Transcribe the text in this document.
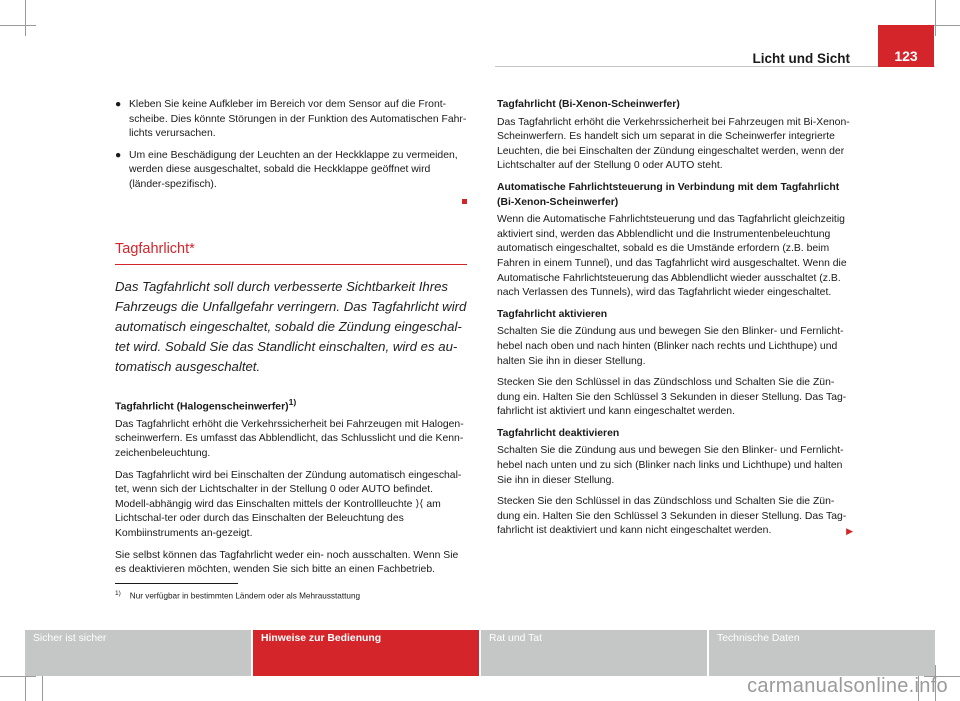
Licht und Sicht	123
● Kleben Sie keine Aufkleber im Bereich vor dem Sensor auf die Front-scheibe. Dies könnte Störungen in der Funktion des Automatischen Fahr-lichts verursachen.
● Um eine Beschädigung der Leuchten an der Heckklappe zu vermeiden, werden diese ausgeschaltet, sobald die Heckklappe geöffnet wird (länder-spezifisch).
Tagfahrlicht*

Das Tagfahrlicht soll durch verbesserte Sichtbarkeit Ihres Fahrzeugs die Unfallgefahr verringern. Das Tagfahrlicht wird automatisch eingeschaltet, sobald die Zündung eingeschal-tet wird. Sobald Sie das Standlicht einschalten, wird es au-tomatisch ausgeschaltet.

Tagfahrlicht (Halogenscheinwerfer)$^{1)}$

Das Tagfahrlicht erhöht die Verkehrssicherheit bei Fahrzeugen mit Halogen-scheinwerfern. Es umfasst das Abblendlicht, das Schlusslicht und die Kenn-zeichenbeleuchtung.

Das Tagfahrlicht wird bei Einschalten der Zündung automatisch eingeschal-tet, wenn sich der Lichtschalter in der Stellung 0 oder AUTO befindet. Modell-abhängig wird das Einschalten mittels der Kontrollleuchte ⟩⟨ am Lichtschal-ter oder durch das Einschalten der Beleuchtung des Kombiinstruments an-gezeigt.

Sie selbst können das Tagfahrlicht weder ein- noch ausschalten. Wenn Sie es deaktivieren möchten, wenden Sie sich bitte an einen Fachbetrieb.

Tagfahrlicht (Bi-Xenon-Scheinwerfer)

Das Tagfahrlicht erhöht die Verkehrssicherheit bei Fahrzeugen mit Bi-Xenon-Scheinwerfern. Es handelt sich um separat in die Scheinwerfer integrierte Leuchten, die bei Einschalten der Zündung eingeschaltet werden, wenn der Lichtschalter auf der Stellung 0 oder AUTO steht.

Automatische Fahrlichtsteuerung in Verbindung mit dem Tagfahrlicht (Bi-Xenon-Scheinwerfer)

Wenn die Automatische Fahrlichtsteuerung und das Tagfahrlicht gleichzeitig aktiviert sind, werden das Abblendlicht und die Instrumentenbeleuchtung automatisch eingeschaltet, sobald es die Umstände erfordern (z.B. beim Fahren in einem Tunnel), und das Tagfahrlicht wird ausgeschaltet. Wenn die Automatische Fahrlichtsteuerung das Abblendlicht wieder ausschaltet (z.B. nach Verlassen des Tunnels), wird das Tagfahrlicht wieder eingeschaltet.

Tagfahrlicht aktivieren

Schalten Sie die Zündung aus und bewegen Sie den Blinker- und Fernlicht-hebel nach oben und nach hinten (Blinker nach rechts und Lichthupe) und halten Sie ihn in dieser Stellung.

Stecken Sie den Schlüssel in das Zündschloss und Schalten Sie die Zün-dung ein. Halten Sie den Schlüssel 3 Sekunden in dieser Stellung. Das Tag-fahrlicht ist aktiviert und kann eingeschaltet werden.

Tagfahrlicht deaktivieren

Schalten Sie die Zündung aus und bewegen Sie den Blinker- und Fernlicht-hebel nach unten und zu sich (Blinker nach links und Lichthupe) und halten Sie ihn in dieser Stellung.

Stecken Sie den Schlüssel in das Zündschloss und Schalten Sie die Zün-dung ein. Halten Sie den Schlüssel 3 Sekunden in dieser Stellung. Das Tag-fahrlicht ist deaktiviert und kann nicht eingeschaltet werden.	▶

$^{1)}$ Nur verfügbar in bestimmten Ländern oder als Mehrausstattung
Sicher ist sicher	Hinweise zur Bedienung	Rat und Tat	Technische Daten
carmanualsonline.info
